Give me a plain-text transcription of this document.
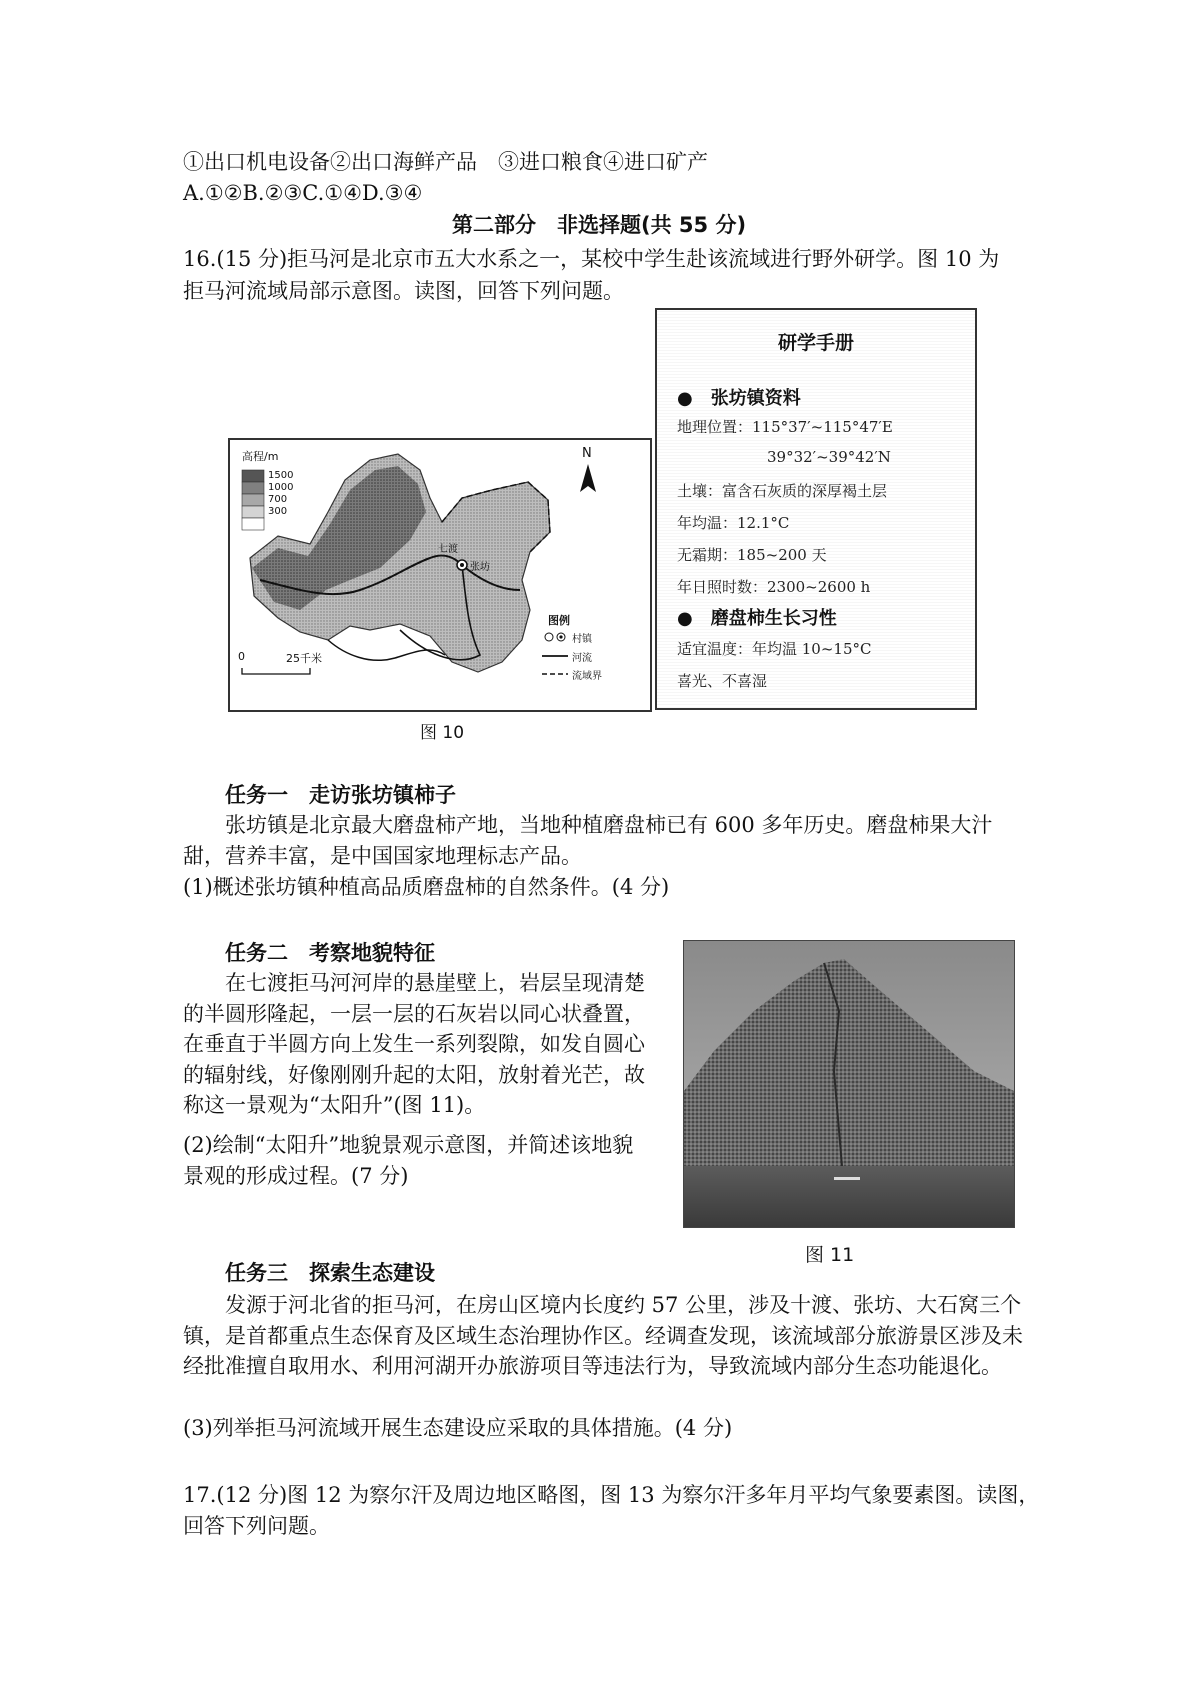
①出口机电设备②出口海鲜产品　③进口粮食④进口矿产
A.①②B.②③C.①④D.③④
第二部分　非选择题(共 55 分)
16.(15 分)拒马河是北京市五大水系之一，某校中学生赴该流域进行野外研学。图 10 为
拒马河流域局部示意图。读图，回答下列问题。
高程/m
1500
1000
700
300
N
七渡
张坊
0	25千米
图例
村镇
河流
流域界
图 10
研学手册
●　 张坊镇资料
地理位置：115°37′~115°47′E
39°32′~39°42′N
土壤：富含石灰质的深厚褐土层
年均温：12.1°C
无霜期：185~200 天
年日照时数：2300~2600 h
●　 磨盘柿生长习性
适宜温度：年均温 10~15°C
喜光、不喜湿
任务一　走访张坊镇柿子
张坊镇是北京最大磨盘柿产地，当地种植磨盘柿已有 600 多年历史。磨盘柿果大汁甜，营养丰富，是中国国家地理标志产品。
(1)概述张坊镇种植高品质磨盘柿的自然条件。(4 分)
任务二　考察地貌特征
在七渡拒马河河岸的悬崖壁上，岩层呈现清楚的半圆形隆起，一层一层的石灰岩以同心状叠置，在垂直于半圆方向上发生一系列裂隙，如发自圆心的辐射线，好像刚刚升起的太阳，放射着光芒，故称这一景观为“太阳升”(图 11)。
(2)绘制“太阳升”地貌景观示意图，并简述该地貌景观的形成过程。(7 分)
图 11
任务三　探索生态建设
发源于河北省的拒马河，在房山区境内长度约 57 公里，涉及十渡、张坊、大石窝三个镇，是首都重点生态保育及区域生态治理协作区。经调查发现，该流域部分旅游景区涉及未经批准擅自取用水、利用河湖开办旅游项目等违法行为，导致流域内部分生态功能退化。
(3)列举拒马河流域开展生态建设应采取的具体措施。(4 分)
17.(12 分)图 12 为察尔汗及周边地区略图，图 13 为察尔汗多年月平均气象要素图。读图，
回答下列问题。
